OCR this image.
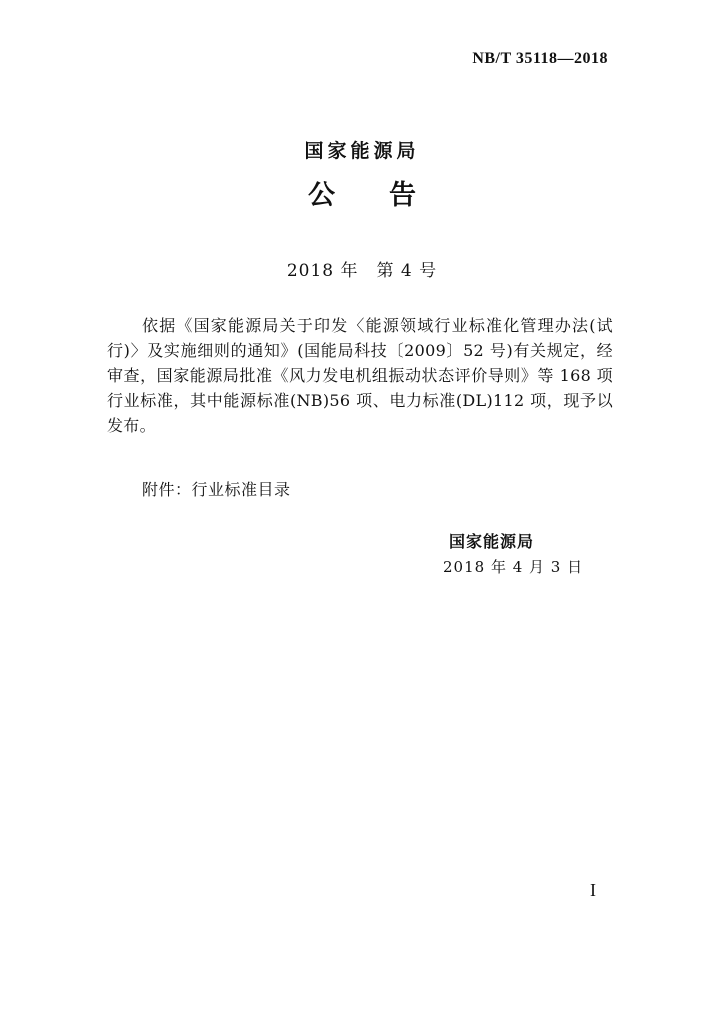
NB/T 35118—2018
国家能源局
公告
2018 年　第 4 号

依据《国家能源局关于印发〈能源领域行业标准化管理办法(试行)〉及实施细则的通知》(国能局科技〔2009〕52 号)有关规定，经审查，国家能源局批准《风力发电机组振动状态评价导则》等 168 项行业标准，其中能源标准(NB)56 项、电力标准(DL)112 项，现予以发布。

附件：行业标准目录
国家能源局
2018 年 4 月 3 日
I
